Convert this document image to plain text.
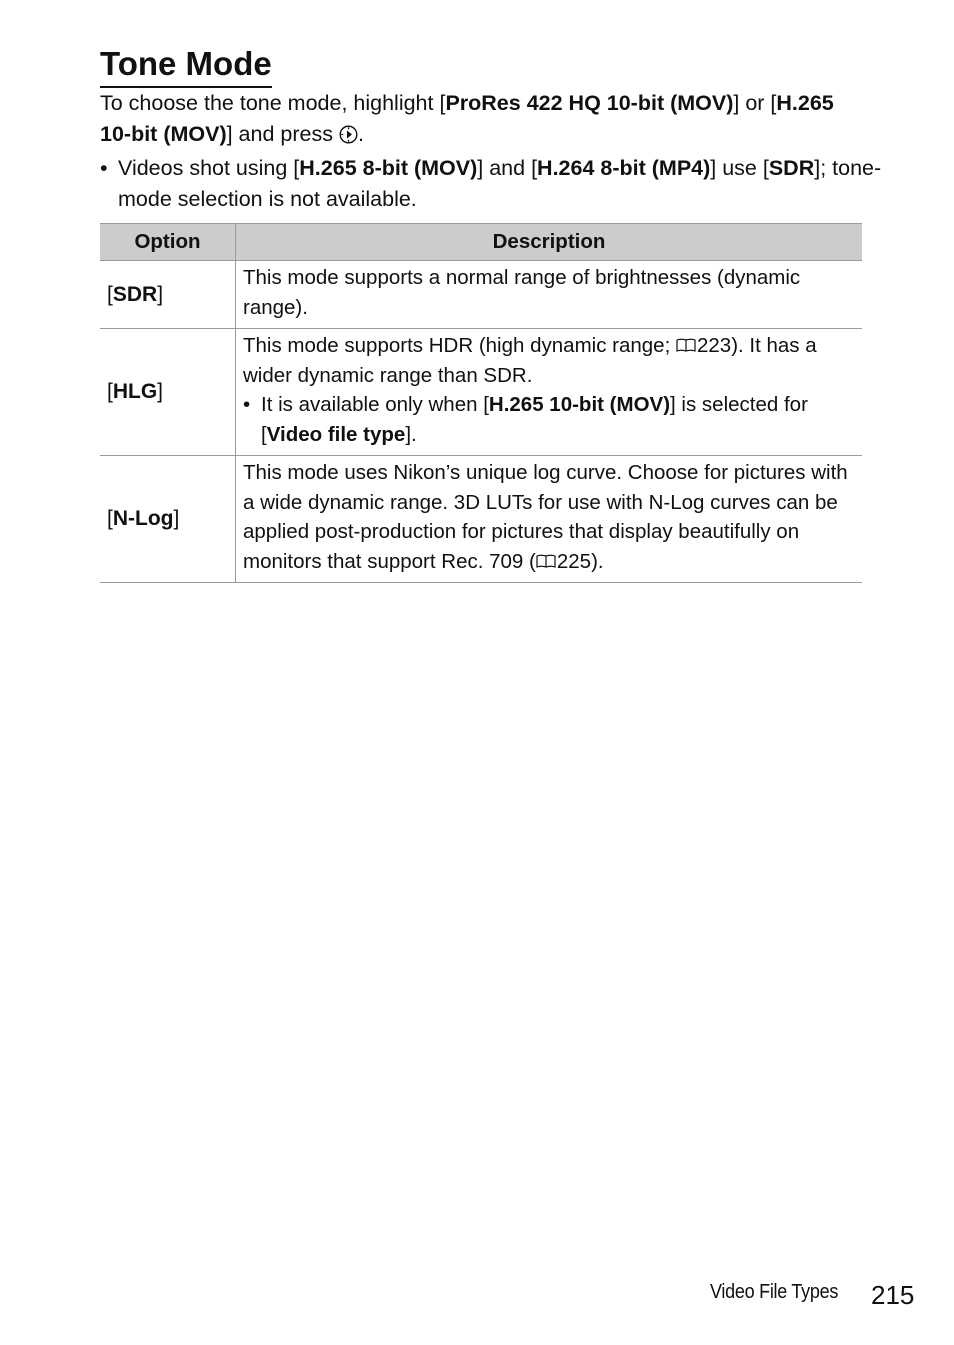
Tone Mode
To choose the tone mode, highlight [ProRes 422 HQ 10-bit (MOV)] or [H.265 10-bit (MOV)] and press .
• Videos shot using [H.265 8-bit (MOV)] and [H.264 8-bit (MP4)] use [SDR]; tone-mode selection is not available.
Option	Description
[SDR]	This mode supports a normal range of brightnesses (dynamic range).
[HLG]	This mode supports HDR (high dynamic range; 223). It has a wider dynamic range than SDR.
• It is available only when [H.265 10-bit (MOV)] is selected for [Video file type].

[N-Log]	This mode uses Nikon’s unique log curve. Choose for pictures with a wide dynamic range. 3D LUTs for use with N-Log curves can be applied post-production for pictures that display beautifully on monitors that support Rec. 709 ( 225).
Video File Types 215
